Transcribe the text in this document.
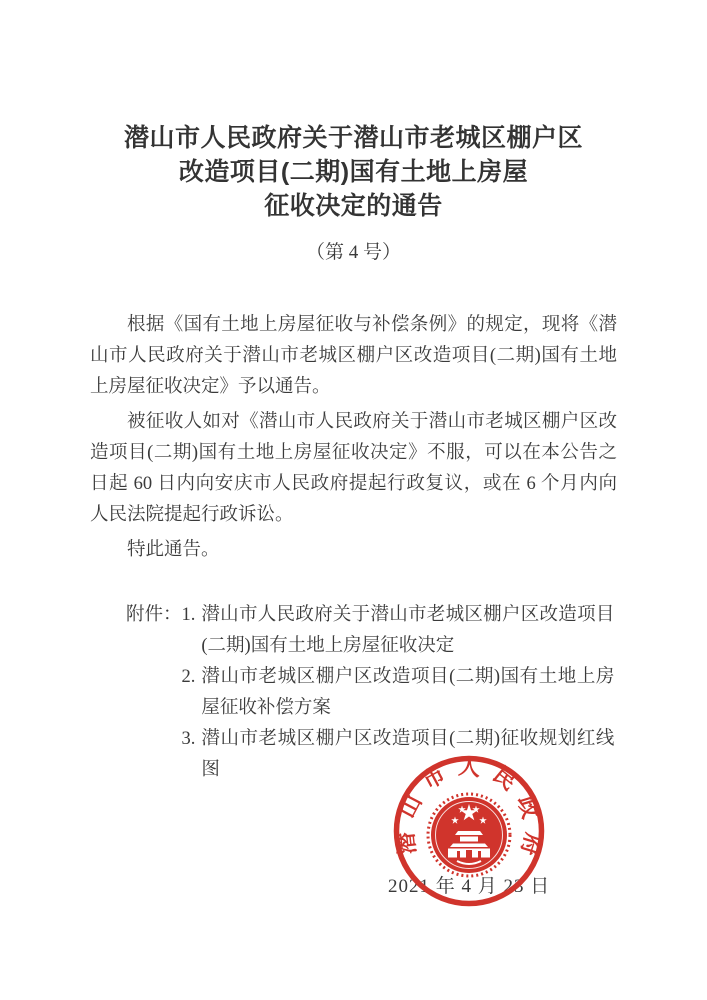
潜山市人民政府关于潜山市老城区棚户区
改造项目(二期)国有土地上房屋
征收决定的通告
（第 4 号）

根据《国有土地上房屋征收与补偿条例》的规定，现将《潜山市人民政府关于潜山市老城区棚户区改造项目(二期)国有土地上房屋征收决定》予以通告。

被征收人如对《潜山市人民政府关于潜山市老城区棚户区改造项目(二期)国有土地上房屋征收决定》不服，可以在本公告之日起 60 日内向安庆市人民政府提起行政复议，或在 6 个月内向人民法院提起行政诉讼。

特此通告。

附件： 1. 潜山市人民政府关于潜山市老城区棚户区改造项目(二期)国有土地上房屋征收决定
2. 潜山市老城区棚户区改造项目(二期)国有土地上房屋征收补偿方案
3. 潜山市老城区棚户区改造项目(二期)征收规划红线图
2021 年 4 月 23 日
潜山市人民政府
